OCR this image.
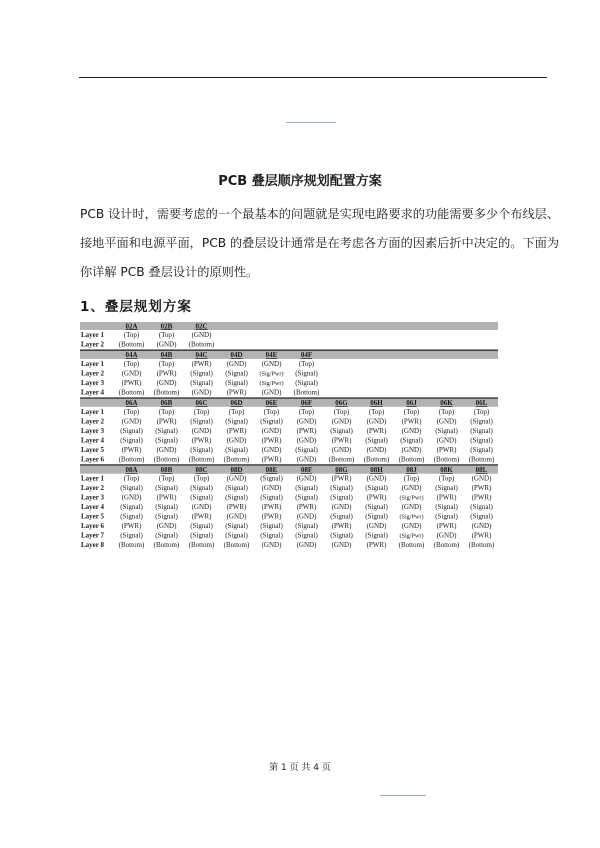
PCB 叠层顺序规划配置方案
PCB 设计时，需要考虑的一个最基本的问题就是实现电路要求的功能需要多少个布线层、
接地平面和电源平面，PCB 的叠层设计通常是在考虑各方面的因素后折中决定的。下面为
你详解 PCB 叠层设计的原则性。
1、叠层规划方案
02A	02B	02C
Layer 1	(Top)	(Top) (GND)
Layer 2 (Bottom) (GND) (Bottom)
04A	04B	04C	04D	04E	04F
Layer 1	(Top)	(Top) (PWR) (GND) (GND) (Top)
Layer 2	(GND) (PWR) (Signal) (Signal) (Sig/Pwr) (Signal)
Layer 3	(PWR) (GND) (Signal) (Signal) (Sig/Pwr) (Signal)
Layer 4 (Bottom) (Bottom) (GND) (PWR) (GND) (Bottom)
06A	06B	06C	06D	06E	06F	06G	06H	06J	06K	06L
Layer 1	(Top)	(Top)	(Top)	(Top)	(Top)	(Top)	(Top)	(Top)	(Top)	(Top)	(Top)
Layer 2	(GND) (PWR) (Signal) (Signal) (Signal) (GND) (GND) (GND) (PWR) (GND) (Signal)
Layer 3 (Signal) (Signal) (GND) (PWR) (GND) (PWR) (Signal) (PWR) (GND) (Signal) (Signal)
Layer 4 (Signal) (Signal) (PWR) (GND) (PWR) (GND) (PWR) (Signal) (Signal) (GND) (Signal)
Layer 5	(PWR) (GND) (Signal) (Signal) (GND) (Signal) (GND) (GND) (GND) (PWR) (Signal)
Layer 6 (Bottom) (Bottom) (Bottom) (Bottom) (PWR) (GND) (Bottom) (Bottom) (Bottom) (Bottom) (Bottom)
08A	08B	08C	08D	08E	08F	08G	08H	08J	08K	08L
Layer 1	(Top)	(Top)	(Top) (GND) (Signal) (GND) (PWR) (GND) (Top)	(Top) (GND)
Layer 2 (Signal) (Signal) (Signal) (Signal) (GND) (Signal) (Signal) (Signal) (GND) (Signal) (PWR)
Layer 3	(GND) (PWR) (Signal) (Signal) (Signal) (Signal) (Signal) (PWR) (Sig/Pwr) (PWR) (PWR)
Layer 4 (Signal) (Signal) (GND) (PWR) (PWR) (PWR) (GND) (Signal) (GND) (Signal) (Signal)
Layer 5 (Signal) (Signal) (PWR) (GND) (PWR) (GND) (Signal) (Signal) (Sig/Pwr) (Signal) (Signal)
Layer 6	(PWR) (GND) (Signal) (Signal) (Signal) (Signal) (PWR) (GND) (GND) (PWR) (GND)
Layer 7 (Signal) (Signal) (Signal) (Signal) (Signal) (Signal) (Signal) (Signal) (Sig/Pwr) (GND) (PWR)
Layer 8 (Bottom) (Bottom) (Bottom) (Bottom) (GND) (GND) (GND) (PWR) (Bottom) (Bottom) (Bottom)
第 1 页 共 4 页
